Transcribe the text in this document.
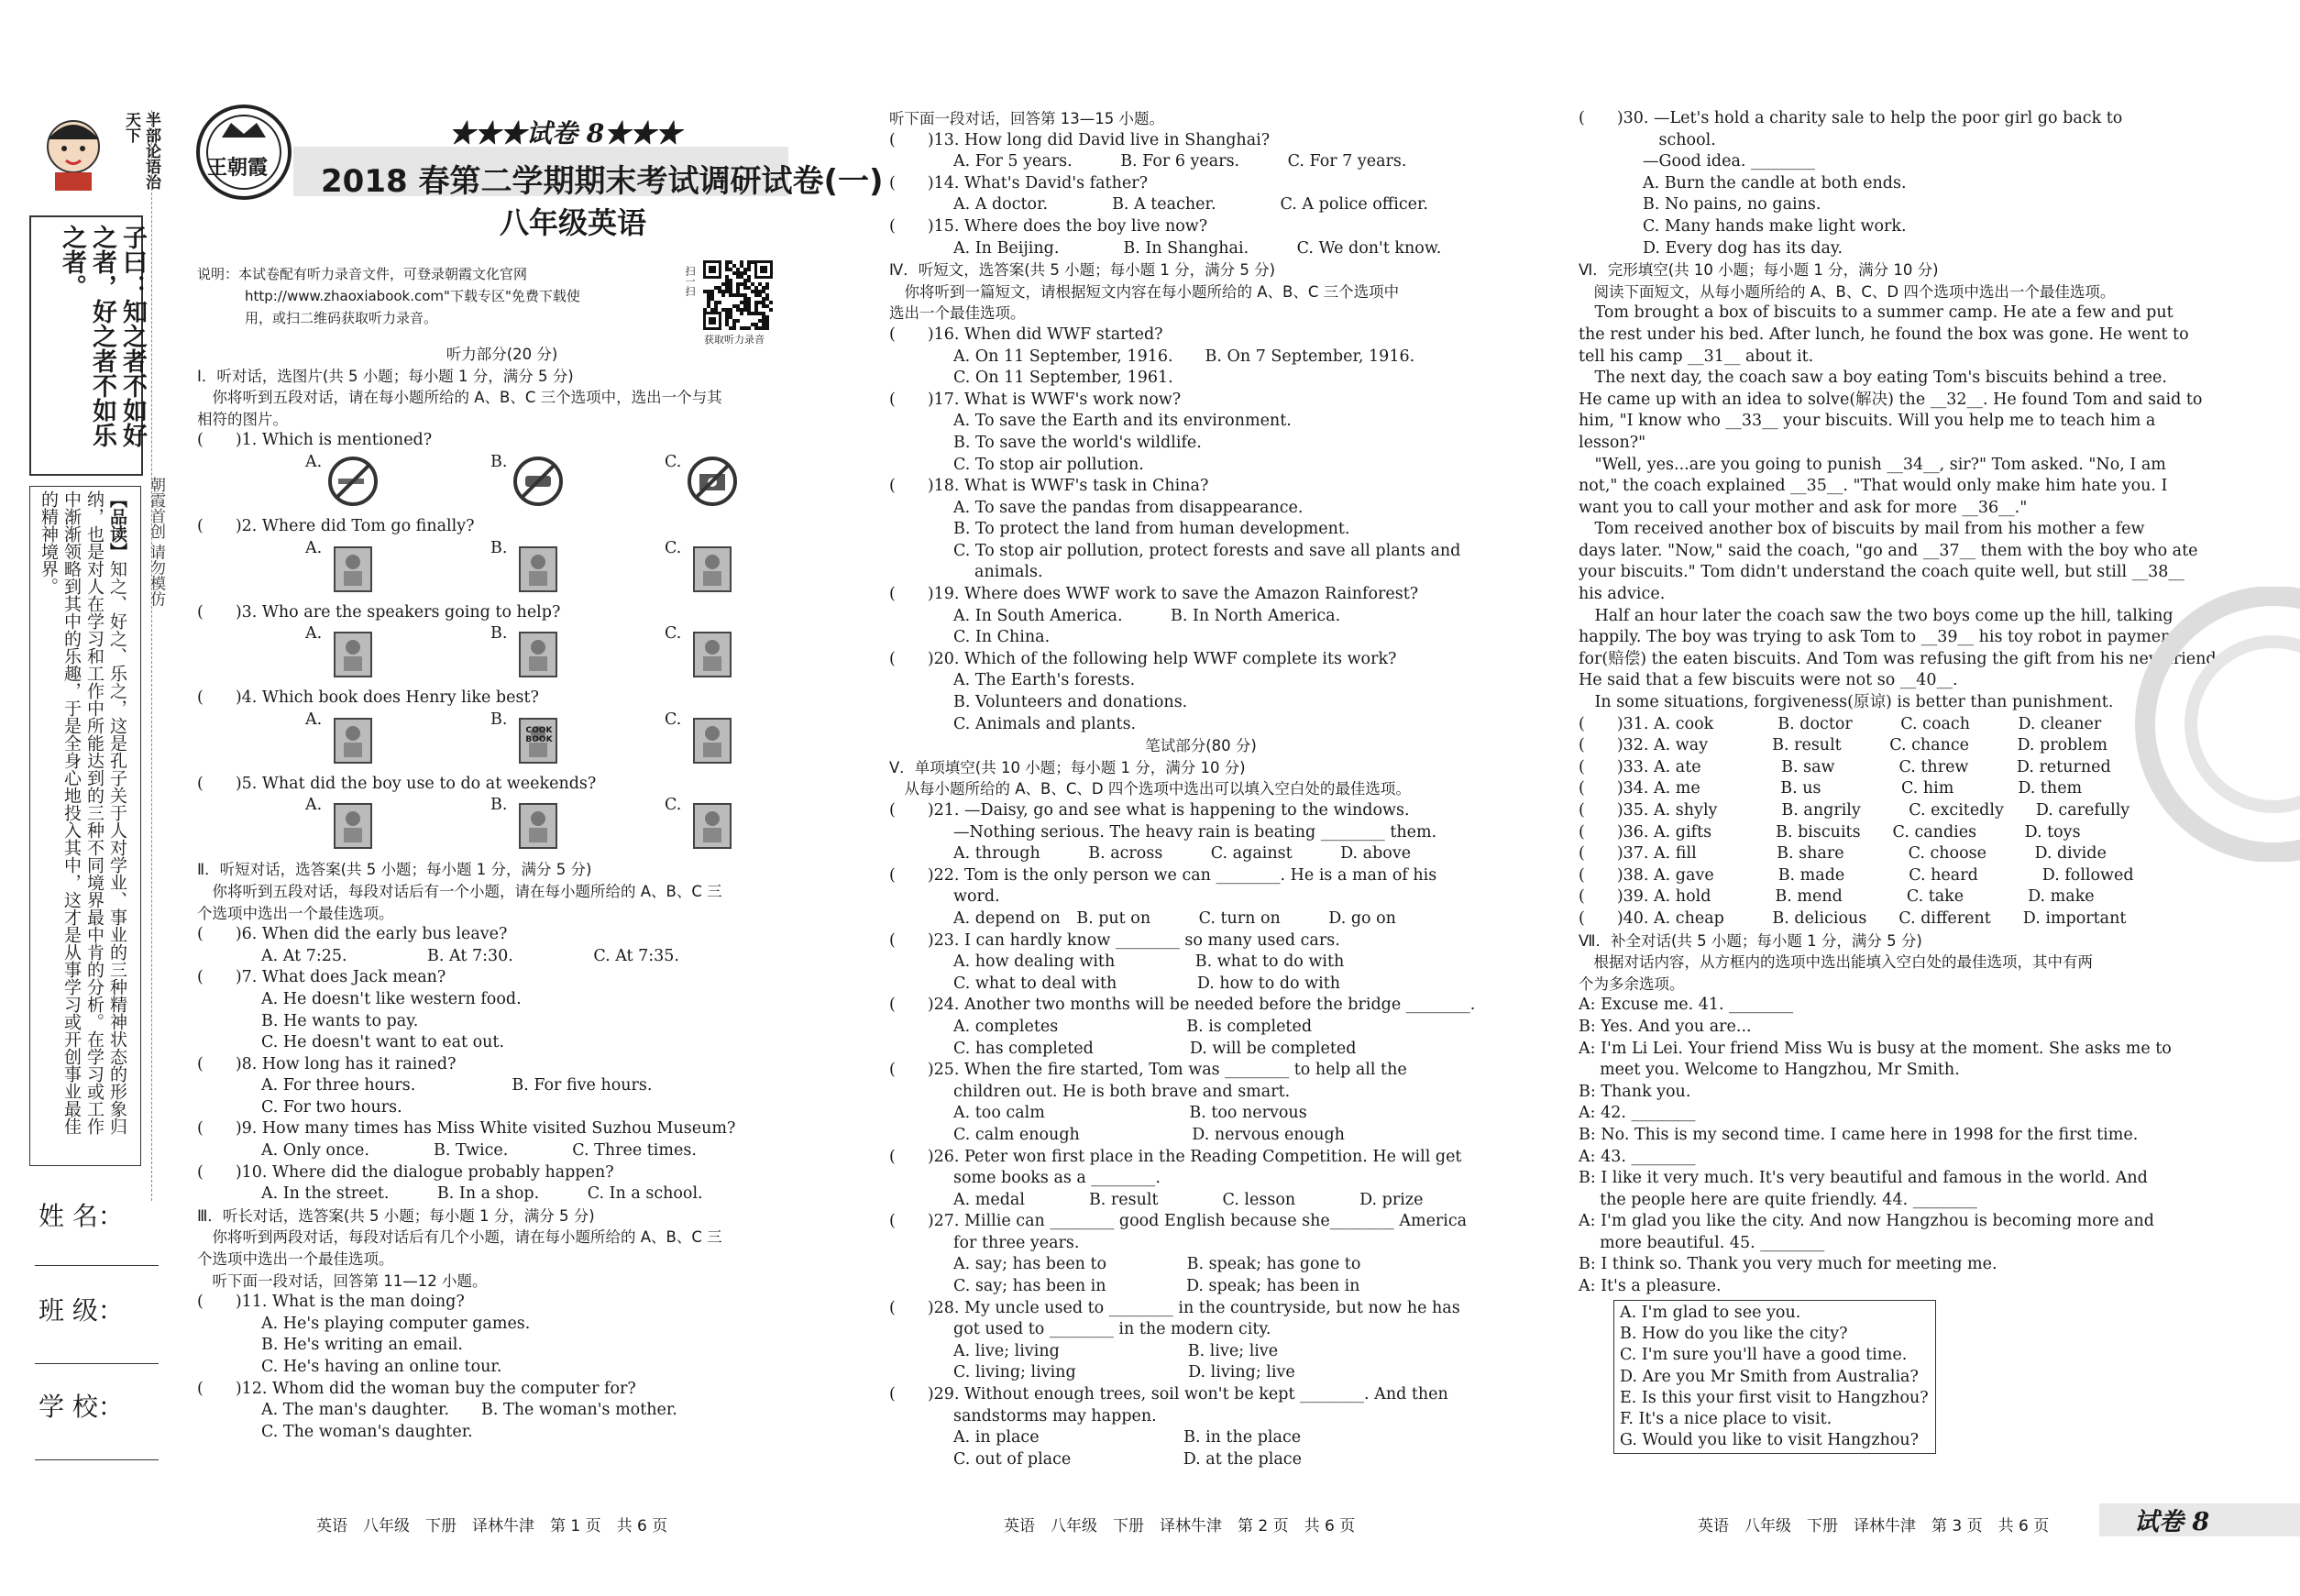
半部论语治天下
子曰：知之者不如好之者，好之者不如乐之者。
【品读】知之、好之、乐之，这是孔子关于人对学业、事业的三种精神状态的形象归纳，也是对人在学习和工作中所能达到的三种不同境界最中肯的分析。在学习或工作中渐渐领略到其中的乐趣，于是全身心地投入其中，这才是从事学习或开创事业最佳的精神境界。	朝霞首创 请勿模仿
姓 名：
班 级：
学 校：
王朝霞
★★★试卷 8★★★
2018 春第二学期期末考试调研试卷(一)
八年级英语
说明：本试卷配有听力录音文件，可登录朝霞文化官网
http://www.zhaoxiabook.com"下载专区"免费下载使
用，或扫二维码获取听力录音。
扫一扫
获取听力录音
听力部分(20 分)
Ⅰ．听对话，选图片(共 5 小题；每小题 1 分，满分 5 分)
　你将听到五段对话，请在每小题所给的 A、B、C 三个选项中，选出一个与其
相符的图片。
(　　)1. Which is mentioned?
A.	B.	C.
(　　)2. Where did Tom go finally?
A.	B.	C.
(　　)3. Who are the speakers going to help?
A.	B.	C.
(　　)4. Which book does Henry like best?
A.	B.
COOK BOOK
C.
(　　)5. What did the boy use to do at weekends?
A.	B.	C.
Ⅱ．听短对话，选答案(共 5 小题；每小题 1 分，满分 5 分)
　你将听到五段对话，每段对话后有一个小题，请在每小题所给的 A、B、C 三
个选项中选出一个最佳选项。
(　　)6. When did the early bus leave?
　　　　A. At 7:25.　　　　　B. At 7:30.　　　　　C. At 7:35.
(　　)7. What does Jack mean?
　　　　A. He doesn't like western food.
　　　　B. He wants to pay.
　　　　C. He doesn't want to eat out.
(　　)8. How long has it rained?
　　　　A. For three hours.　　　　　　B. For five hours.
　　　　C. For two hours.
(　　)9. How many times has Miss White visited Suzhou Museum?
　　　　A. Only once.　　　　B. Twice.　　　　C. Three times.
(　　)10. Where did the dialogue probably happen?
　　　　A. In the street.　　　B. In a shop.　　　C. In a school.
Ⅲ．听长对话，选答案(共 5 小题；每小题 1 分，满分 5 分)
　你将听到两段对话，每段对话后有几个小题，请在每小题所给的 A、B、C 三
个选项中选出一个最佳选项。
　听下面一段对话，回答第 11—12 小题。
(　　)11. What is the man doing?
　　　　A. He's playing computer games.
　　　　B. He's writing an email.
　　　　C. He's having an online tour.
(　　)12. Whom did the woman buy the computer for?
　　　　A. The man's daughter.　　B. The woman's mother.
　　　　C. The woman's daughter.
听下面一段对话，回答第 13—15 小题。
(　　)13. How long did David live in Shanghai?
　　　　A. For 5 years.　　　B. For 6 years.　　　C. For 7 years.
(　　)14. What's David's father?
　　　　A. A doctor.　　　　B. A teacher.　　　　C. A police officer.
(　　)15. Where does the boy live now?
　　　　A. In Beijing.　　　　B. In Shanghai.　　　C. We don't know.
Ⅳ．听短文，选答案(共 5 小题；每小题 1 分，满分 5 分)
　你将听到一篇短文，请根据短文内容在每小题所给的 A、B、C 三个选项中
选出一个最佳选项。
(　　)16. When did WWF started?
　　　　A. On 11 September, 1916.　　B. On 7 September, 1916.
　　　　C. On 11 September, 1961.
(　　)17. What is WWF's work now?
　　　　A. To save the Earth and its environment.
　　　　B. To save the world's wildlife.
　　　　C. To stop air pollution.
(　　)18. What is WWF's task in China?
　　　　A. To save the pandas from disappearance.
　　　　B. To protect the land from human development.
　　　　C. To stop air pollution, protect forests and save all plants and
　　　　　 animals.
(　　)19. Where does WWF work to save the Amazon Rainforest?
　　　　A. In South America.　　　B. In North America.
　　　　C. In China.
(　　)20. Which of the following help WWF complete its work?
　　　　A. The Earth's forests.
　　　　B. Volunteers and donations.
　　　　C. Animals and plants.
笔试部分(80 分)
Ⅴ．单项填空(共 10 小题；每小题 1 分，满分 10 分)
　从每小题所给的 A、B、C、D 四个选项中选出可以填入空白处的最佳选项。
(　　)21. —Daisy, go and see what is happening to the windows.
　　　　—Nothing serious. The heavy rain is beating ________ them.
　　　　A. through　　　B. across　　　C. against　　　D. above
(　　)22. Tom is the only person we can ________. He is a man of his
　　　　word.
　　　　A. depend on　B. put on　　　C. turn on　　　D. go on
(　　)23. I can hardly know ________ so many used cars.
　　　　A. how dealing with　　　　　B. what to do with
　　　　C. what to deal with　　　　　D. how to do with
(　　)24. Another two months will be needed before the bridge ________.
　　　　A. completes　　　　　　　　B. is completed
　　　　C. has completed　　　　　　D. will be completed
(　　)25. When the fire started, Tom was ________ to help all the
　　　　children out. He is both brave and smart.
　　　　A. too calm　　　　　　　　　B. too nervous
　　　　C. calm enough　　　　　　　D. nervous enough
(　　)26. Peter won first place in the Reading Competition. He will get
　　　　some books as a ________.
　　　　A. medal　　　　B. result　　　　C. lesson　　　　D. prize
(　　)27. Millie can ________ good English because she________ America
　　　　for three years.
　　　　A. say; has been to　　　　　B. speak; has gone to
　　　　C. say; has been in　　　　　D. speak; has been in
(　　)28. My uncle used to ________ in the countryside, but now he has
　　　　got used to ________ in the modern city.
　　　　A. live; living　　　　　　　　B. live; live
　　　　C. living; living　　　　　　　D. living; live
(　　)29. Without enough trees, soil won't be kept ________. And then
　　　　sandstorms may happen.
　　　　A. in place　　　　　　　　　B. in the place
　　　　C. out of place　　　　　　　D. at the place
(　　)30. —Let's hold a charity sale to help the poor girl go back to
　　　　　school.
　　　　—Good idea. ________
　　　　A. Burn the candle at both ends.
　　　　B. No pains, no gains.
　　　　C. Many hands make light work.
　　　　D. Every dog has its day.
Ⅵ．完形填空(共 10 小题；每小题 1 分，满分 10 分)
　阅读下面短文，从每小题所给的 A、B、C、D 四个选项中选出一个最佳选项。
　Tom brought a box of biscuits to a summer camp. He ate a few and put
the rest under his bed. After lunch, he found the box was gone. He went to
tell his camp __31__ about it.
　The next day, the coach saw a boy eating Tom's biscuits behind a tree.
He came up with an idea to solve(解决) the __32__. He found Tom and said to
him, "I know who __33__ your biscuits. Will you help me to teach him a
lesson?"
　"Well, yes...are you going to punish __34__, sir?" Tom asked. "No, I am
not," the coach explained __35__. "That would only make him hate you. I
want you to call your mother and ask for more __36__."
　Tom received another box of biscuits by mail from his mother a few
days later. "Now," said the coach, "go and __37__ them with the boy who ate
your biscuits." Tom didn't understand the coach quite well, but still __38__
his advice.
　Half an hour later the coach saw the two boys come up the hill, talking
happily. The boy was trying to ask Tom to __39__ his toy robot in payment
for(赔偿) the eaten biscuits. And Tom was refusing the gift from his new friend.
He said that a few biscuits were not so __40__.
　In some situations, forgiveness(原谅) is better than punishment.
(　　)31. A. cook　　　　B. doctor　　　C. coach　　　D. cleaner
(　　)32. A. way　　　　B. result　　　C. chance　　　D. problem
(　　)33. A. ate　　　　　B. saw　　　　C. threw　　　D. returned
(　　)34. A. me　　　　　B. us　　　　　C. him　　　　D. them
(　　)35. A. shyly　　　　B. angrily　　　C. excitedly　　D. carefully
(　　)36. A. gifts　　　　B. biscuits　　C. candies　　　D. toys
(　　)37. A. fill　　　　　B. share　　　　C. choose　　　D. divide
(　　)38. A. gave　　　　B. made　　　　C. heard　　　　D. followed
(　　)39. A. hold　　　　B. mend　　　　C. take　　　　D. make
(　　)40. A. cheap　　　B. delicious　　C. different　　D. important
Ⅶ．补全对话(共 5 小题；每小题 1 分，满分 5 分)
　根据对话内容，从方框内的选项中选出能填入空白处的最佳选项，其中有两
个为多余选项。
A: Excuse me. 41. ________
B: Yes. And you are...
A: I'm Li Lei. Your friend Miss Wu is busy at the moment. She asks me to
　 meet you. Welcome to Hangzhou, Mr Smith.
B: Thank you.
A: 42. ________
B: No. This is my second time. I came here in 1998 for the first time.
A: 43. ________
B: I like it very much. It's very beautiful and famous in the world. And
　 the people here are quite friendly. 44. ________
A: I'm glad you like the city. And now Hangzhou is becoming more and
　 more beautiful. 45. ________
B: I think so. Thank you very much for meeting me.
A: It's a pleasure.
A. I'm glad to see you.
B. How do you like the city?
C. I'm sure you'll have a good time.
D. Are you Mr Smith from Australia?
E. Is this your first visit to Hangzhou?
F. It's a nice place to visit.
G. Would you like to visit Hangzhou?
英语　八年级　下册　译林牛津　第 1 页　共 6 页	英语　八年级　下册　译林牛津　第 2 页　共 6 页	英语　八年级　下册　译林牛津　第 3 页　共 6 页	试卷 8
